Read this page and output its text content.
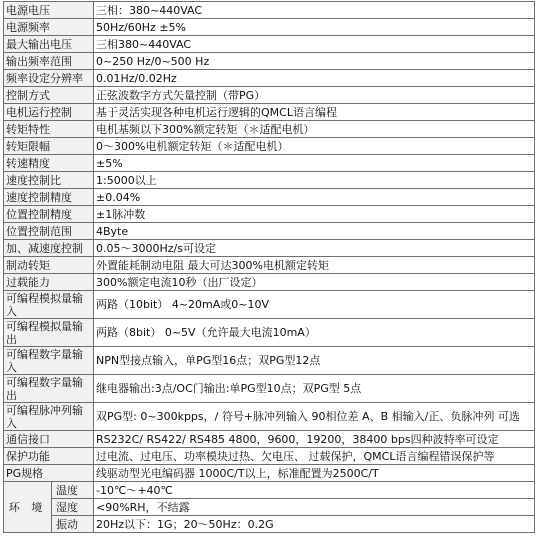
电源电压		三相：380~440VAC
电源频率		50Hz/60Hz ±5%
最大输出电压		三相380~440VAC
输出频率范围		0~250 Hz/0~500 Hz
频率设定分辨率		0.01Hz/0.02Hz
控制方式		正弦波数字方式矢量控制（带PG）
电机运行控制		基于灵活实现各种电机运行逻辑的QMCL语言编程
转矩特性		电机基频以下300%额定转矩（＊适配电机）
转矩限幅		0～300%电机额定转矩（＊适配电机）
转速精度		±5%
速度控制比		1:5000以上
速度控制精度		±0.04%
位置控制精度		±1脉冲数
位置控制范围		4Byte
加、减速度控制		0.05～3000Hz/s可设定
制动转矩		外置能耗制动电阻 最大可达300%电机额定转矩
过载能力		300%额定电流10秒（出厂设定）
可编程模拟量输入		两路（10bit） 4~20mA或0~10V
可编程模拟量输出		两路（8bit） 0~5V（允许最大电流10mA）
可编程数字量输入		NPN型接点输入，单PG型16点；双PG型12点
可编程数字量输出		继电器输出:3点/OC门输出:单PG型10点；双PG型 5点
可编程脉冲列输入		双PG型: 0~300kpps，/ 符号+脉冲列输入 90相位差 A、B 相输入/正、负脉冲列 可选
通信接口		RS232C/ RS422/ RS485 4800，9600，19200，38400 bps四种波特率可设定
保护功能		过电流、过电压、功率模块过热、欠电压、 过载保护，QMCL语言编程错误保护等
PG规格		线驱动型光电编码器 1000C/T以上，标准配置为2500C/T
环 境	温度	-10℃～+40℃
	湿度	<90%RH，不结露
	振动	20Hz以下：1G；20～50Hz：0.2G
